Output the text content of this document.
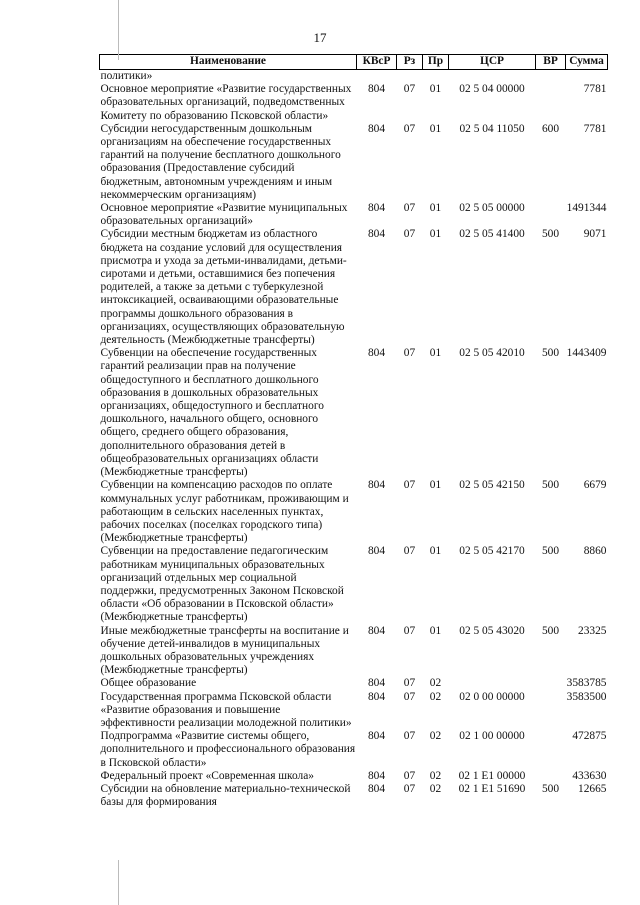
17
Наименование	КВсР	Рз	Пр	ЦСР	ВР	Сумма
политики»						
Основное мероприятие «Развитие государственных образовательных организаций, подведомственных Комитету по образованию Псковской области»	804	07	01	02 5 04 00000		7781
Субсидии негосударственным дошкольным организациям на обеспечение государственных гарантий на получение бесплатного дошкольного образования (Предоставление субсидий бюджетным, автономным учреждениям и иным некоммерческим организациям)	804	07	01	02 5 04 11050	600	7781
Основное мероприятие «Развитие муниципальных образовательных организаций»	804	07	01	02 5 05 00000		1491344
Субсидии местным бюджетам из областного бюджета на создание условий для осуществления присмотра и ухода за детьми-инвалидами, детьми-сиротами и детьми, оставшимися без попечения родителей, а также за детьми с туберкулезной интоксикацией, осваивающими образовательные программы дошкольного образования в организациях, осуществляющих образовательную деятельность (Межбюджетные трансферты)	804	07	01	02 5 05 41400	500	9071
Субвенции на обеспечение государственных гарантий реализации прав на получение общедоступного и бесплатного дошкольного образования в дошкольных образовательных организациях, общедоступного и бесплатного дошкольного, начального общего, основного общего, среднего общего образования, дополнительного образования детей в общеобразовательных организациях области (Межбюджетные трансферты)	804	07	01	02 5 05 42010	500	1443409
Субвенции на компенсацию расходов по оплате коммунальных услуг работникам, проживающим и работающим в сельских населенных пунктах, рабочих поселках (поселках городского типа) (Межбюджетные трансферты)	804	07	01	02 5 05 42150	500	6679
Субвенции на предоставление педагогическим работникам муниципальных образовательных организаций отдельных мер социальной поддержки, предусмотренных Законом Псковской области «Об образовании в Псковской области» (Межбюджетные трансферты)	804	07	01	02 5 05 42170	500	8860
Иные межбюджетные трансферты на воспитание и обучение детей-инвалидов в муниципальных дошкольных образовательных учреждениях (Межбюджетные трансферты)	804	07	01	02 5 05 43020	500	23325
Общее образование	804	07	02			3583785
Государственная программа Псковской области «Развитие образования и повышение эффективности реализации молодежной политики»	804	07	02	02 0 00 00000		3583500
Подпрограмма «Развитие системы общего, дополнительного и профессионального образования в Псковской области»	804	07	02	02 1 00 00000		472875
Федеральный проект «Современная школа»	804	07	02	02 1 E1 00000		433630
Субсидии на обновление материально-технической базы для формирования	804	07	02	02 1 E1 51690	500	12665
